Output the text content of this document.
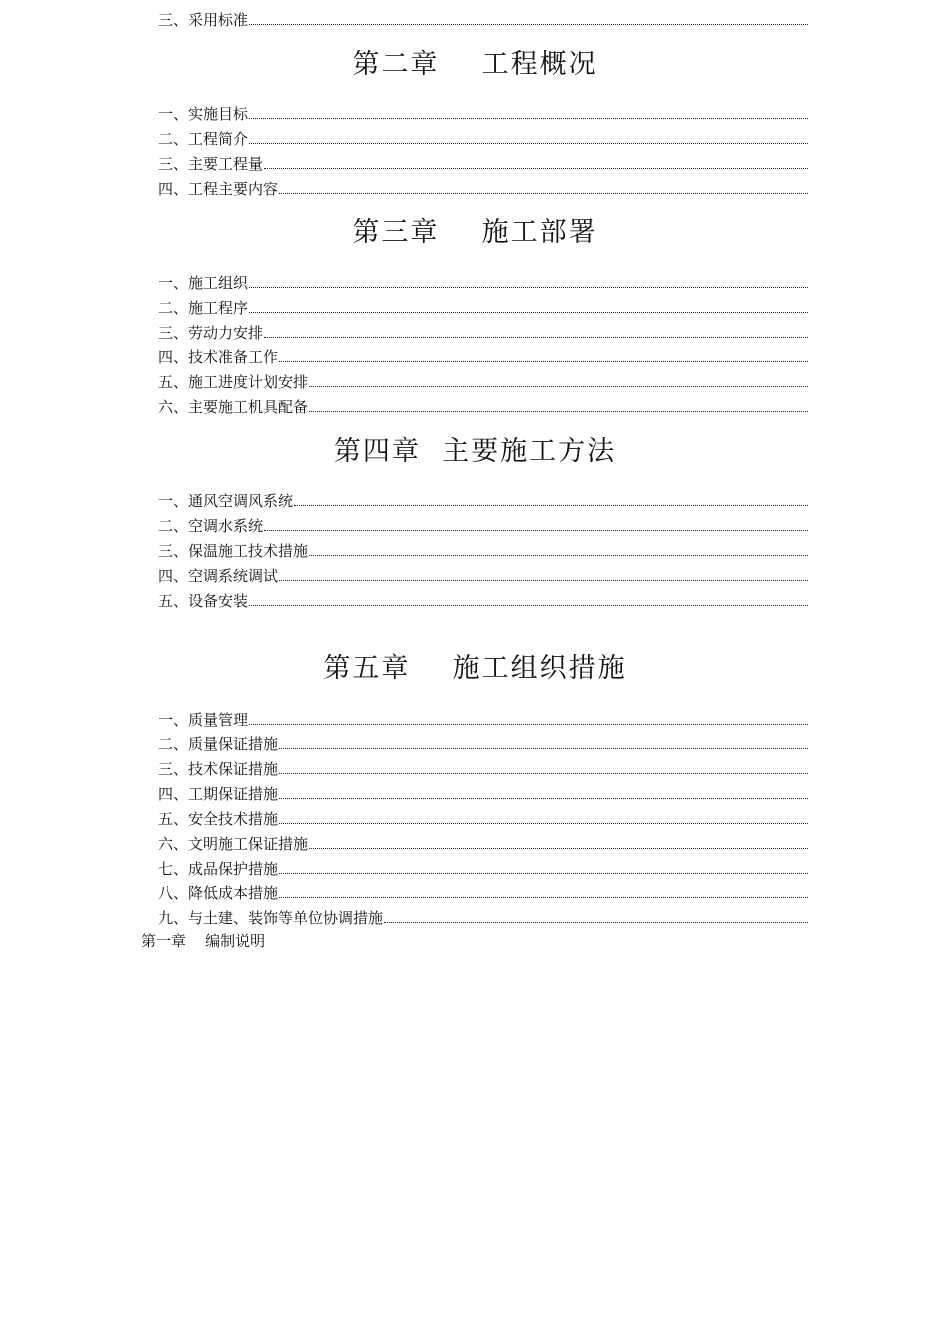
三、采用标准
第二章    工程概况
一、实施目标
二、工程简介
三、主要工程量
四、工程主要内容
第三章    施工部署
一、施工组织
二、施工程序
三、劳动力安排
四、技术准备工作
五、施工进度计划安排
六、主要施工机具配备
第四章  主要施工方法
一、通风空调风系统
二、空调水系统
三、保温施工技术措施
四、空调系统调试
五、设备安装
第五章    施工组织措施
一、质量管理
二、质量保证措施
三、技术保证措施
四、工期保证措施
五、安全技术措施
六、文明施工保证措施
七、成品保护措施
八、降低成本措施
九、与土建、装饰等单位协调措施
第一章    编制说明
